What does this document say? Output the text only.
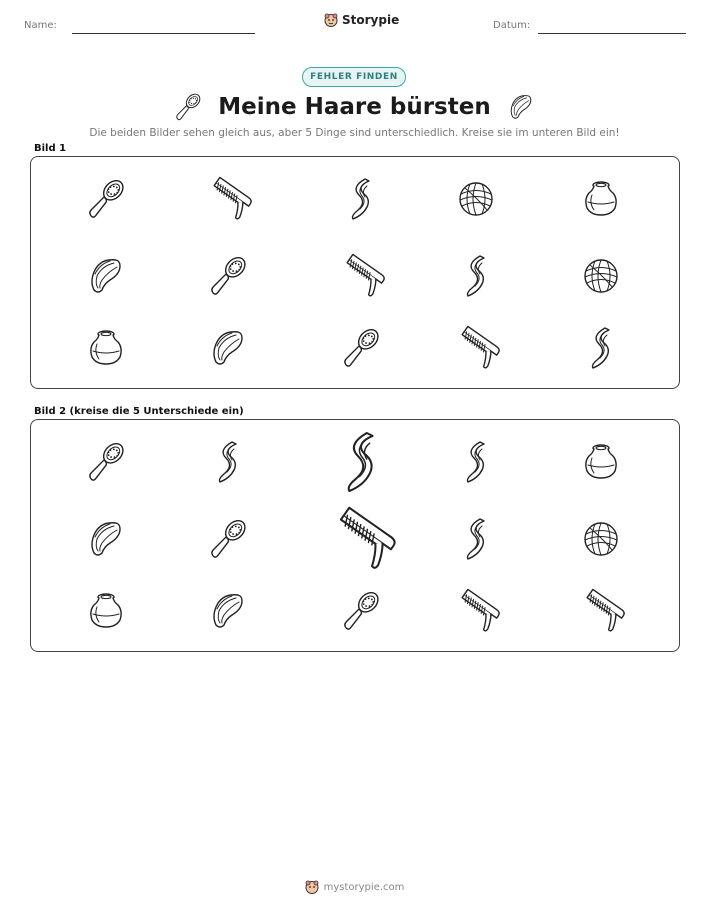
Name:	Storypie	Datum:
FEHLER FINDEN
Meine Haare bürsten
Die beiden Bilder sehen gleich aus, aber 5 Dinge sind unterschiedlich. Kreise sie im unteren Bild ein!
Bild 1
Bild 2 (kreise die 5 Unterschiede ein)
mystorypie.com
